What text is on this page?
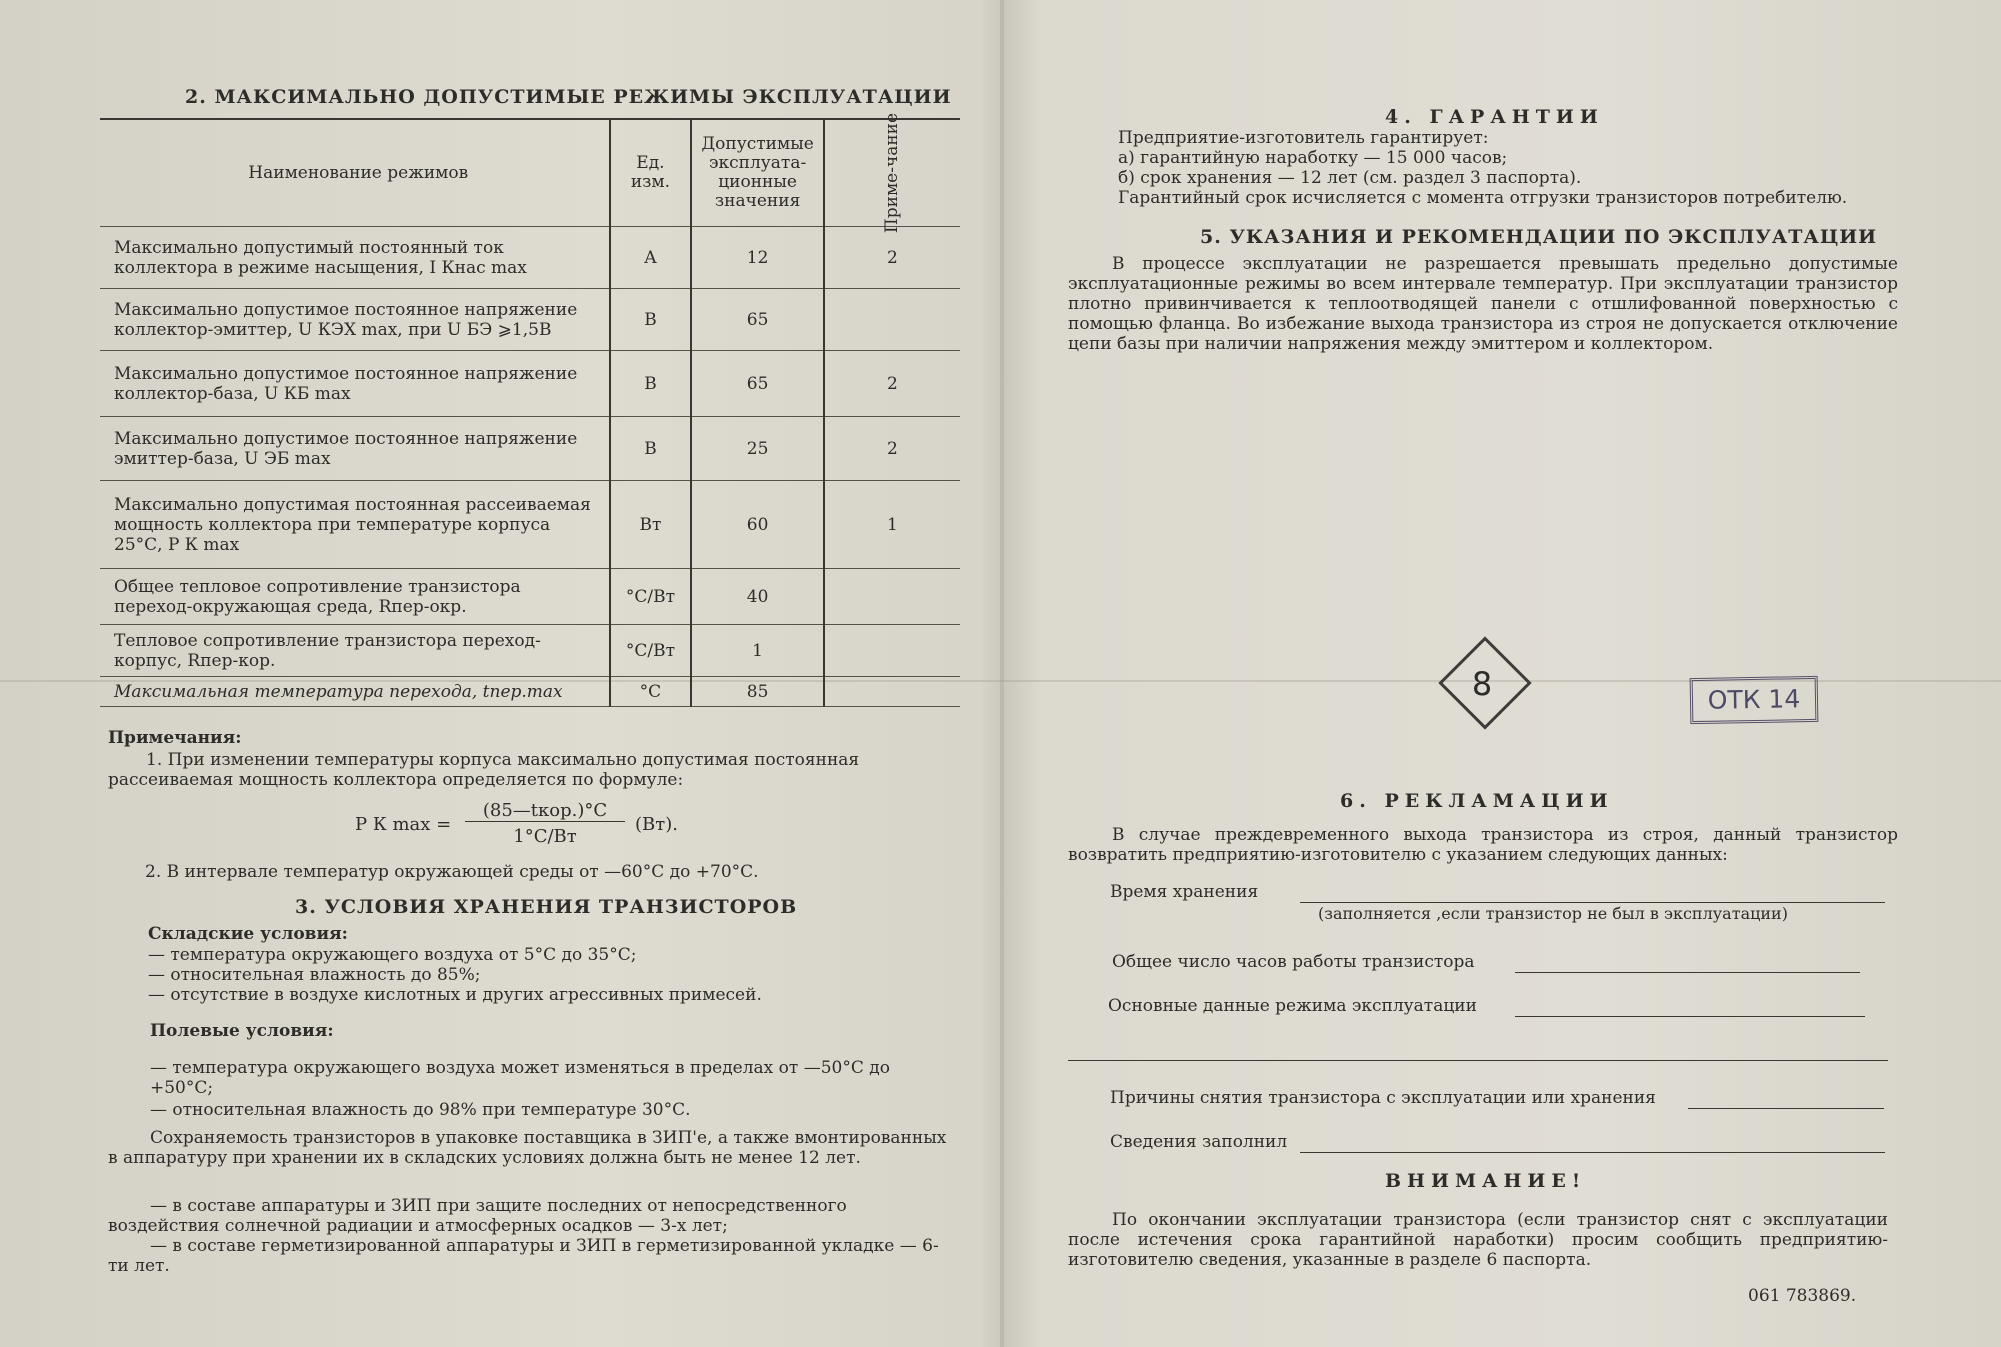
2. МАКСИМАЛЬНО ДОПУСТИМЫЕ РЕЖИМЫ ЭКСПЛУАТАЦИИ
Наименование режимов	Ед. изм.	Допустимые эксплуата-ционные значения	Приме-чание
Максимально допустимый постоянный ток коллектора в режиме насыщения, I Кнас max	А	12	2
Максимально допустимое постоянное напряжение коллектор-эмиттер, U КЭХ max, при U БЭ ⩾1,5В	В	65	
Максимально допустимое постоянное напряжение коллектор-база, U КБ max	В	65	2
Максимально допустимое постоянное напряжение эмиттер-база, U ЭБ max	В	25	2
Максимально допустимая постоянная рассеиваемая мощность коллектора при температуре корпуса 25°С, P К max	Вт	60	1
Общее тепловое сопротивление транзистора переход-окружающая среда, Rпер-окр.	°С/Вт	40	
Тепловое сопротивление транзистора переход-корпус, Rпер-кор.	°С/Вт	1	
Максимальная температура перехода, tпер.max	°С	85	
Примечания:
1. При изменении температуры корпуса максимально допустимая постоянная рассеиваемая мощность коллектора определяется по формуле:
P К max =
(85—tкор.)°С
1°С/Вт
(Вт).
2. В интервале температур окружающей среды от —60°С до +70°С.
3. УСЛОВИЯ ХРАНЕНИЯ ТРАНЗИСТОРОВ
Складские условия:
— температура окружающего воздуха от 5°С до 35°С;
— относительная влажность до 85%;
— отсутствие в воздухе кислотных и других агрессивных примесей.
Полевые условия:
— температура окружающего воздуха может изменяться в пределах от —50°С до +50°С;
— относительная влажность до 98% при температуре 30°С.
Сохраняемость транзисторов в упаковке поставщика в ЗИП'е, а также вмонтированных в аппаратуру при хранении их в складских условиях должна быть не менее 12 лет.
— в составе аппаратуры и ЗИП при защите последних от непосредственного воздействия солнечной радиации и атмосферных осадков — 3-х лет;
— в составе герметизированной аппаратуры и ЗИП в герметизированной укладке — 6-ти лет.
4. ГАРАНТИИ
Предприятие-изготовитель гарантирует:
а) гарантийную наработку — 15 000 часов;
б) срок хранения — 12 лет (см. раздел 3 паспорта).
Гарантийный срок исчисляется с момента отгрузки транзисторов потребителю.
5. УКАЗАНИЯ И РЕКОМЕНДАЦИИ ПО ЭКСПЛУАТАЦИИ
В процессе эксплуатации не разрешается превышать предельно допустимые эксплуатационные режимы во всем интервале температур. При эксплуатации транзистор плотно привинчивается к теплоотводящей панели с отшлифованной поверхностью с помощью фланца. Во избежание выхода транзистора из строя не допускается отключение цепи базы при наличии напряжения между эмиттером и коллектором.
8	ОТК 14
6. РЕКЛАМАЦИИ
В случае преждевременного выхода транзистора из строя, данный транзистор возвратить предприятию-изготовителю с указанием следующих данных:
Время хранения
(заполняется ,если транзистор не был в эксплуатации)
Общее число часов работы транзистора
Основные данные режима эксплуатации
Причины снятия транзистора с эксплуатации или хранения
Сведения заполнил
ВНИМАНИЕ!
По окончании эксплуатации транзистора (если транзистор снят с эксплуатации после истечения срока гарантийной наработки) просим сообщить предприятию-изготовителю сведения, указанные в разделе 6 паспорта.
061 783869.
